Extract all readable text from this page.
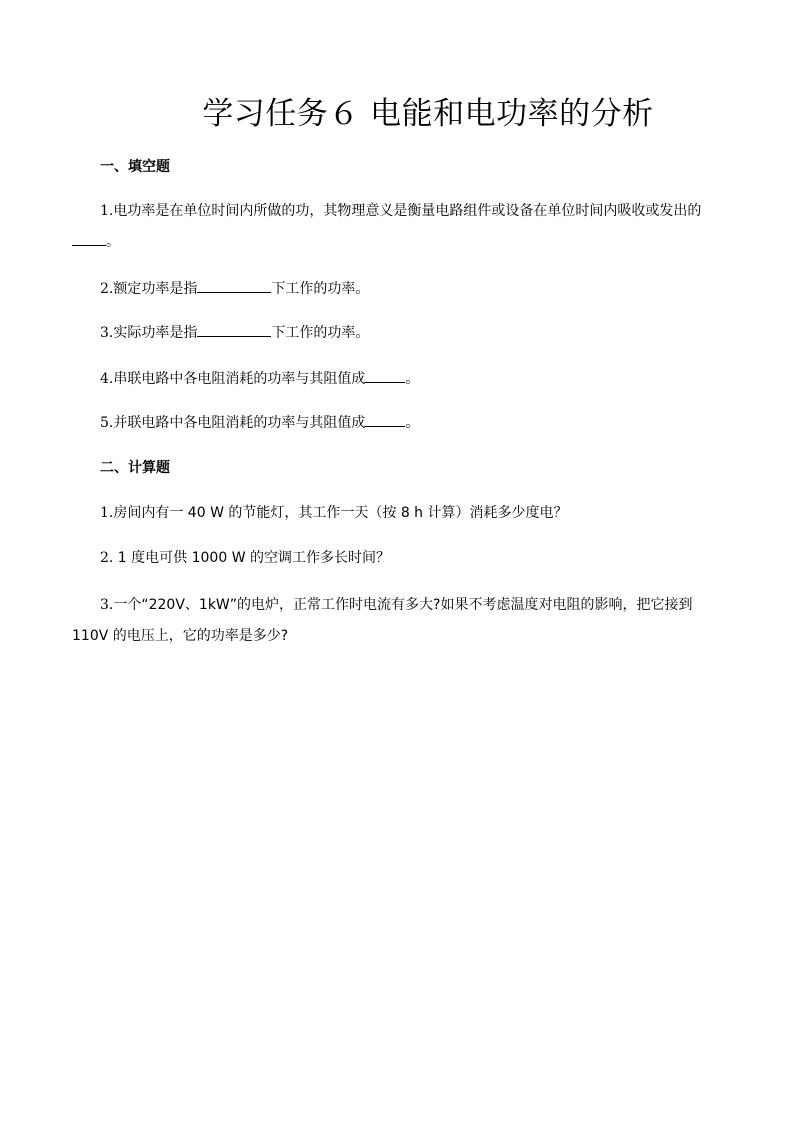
学习任务６ 电能和电功率的分析
一、填空题
1.电功率是在单位时间内所做的功，其物理意义是衡量电路组件或设备在单位时间内吸收或发出的。
2.额定功率是指	下工作的功率。
3.实际功率是指	下工作的功率。
4.串联电路中各电阻消耗的功率与其阻值成	。
5.并联电路中各电阻消耗的功率与其阻值成	。
二、计算题
1.房间内有一 40 W 的节能灯，其工作一天（按 8 h 计算）消耗多少度电？
2. 1 度电可供 1000 W 的空调工作多长时间？
3.一个“220V、1kW”的电炉，正常工作时电流有多大?如果不考虑温度对电阻的影响，把它接到 110V 的电压上，它的功率是多少?
